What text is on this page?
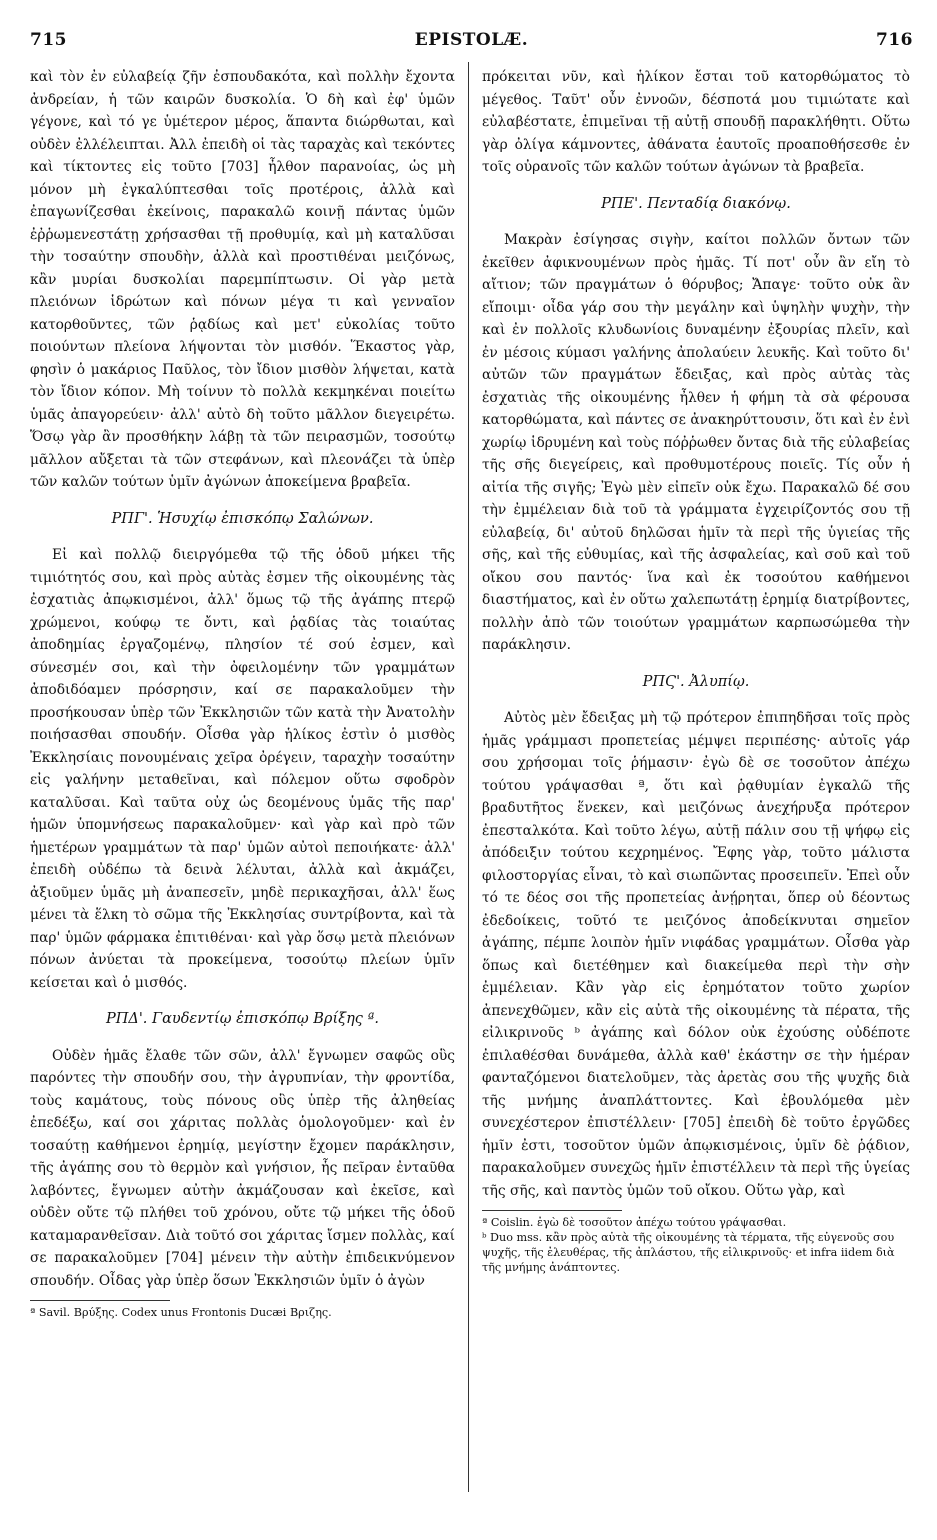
715	EPISTOLÆ.	716

καὶ τὸν ἐν εὐλαβείᾳ ζῆν ἐσπουδακότα, καὶ πολλὴν ἔχοντα ἀνδρείαν, ἡ τῶν καιρῶν δυσκολία. Ὁ δὴ καὶ ἐφ' ὑμῶν γέγονε, καὶ τό γε ὑμέτερον μέρος, ἅπαντα διώρθωται, καὶ οὐδὲν ἐλλέλειπται. Ἀλλ ἐπειδὴ οἱ τὰς ταραχὰς καὶ τεκόντες καὶ τίκτοντες εἰς τοῦτο [703] ἦλθον παρανοίας, ὡς μὴ μόνον μὴ ἐγκαλύπτεσθαι τοῖς προτέροις, ἀλλὰ καὶ ἐπαγωνίζεσθαι ἐκείνοις, παρακαλῶ κοινῇ πάντας ὑμῶν ἐῤῥωμενεστάτῃ χρήσασθαι τῇ προθυμίᾳ, καὶ μὴ καταλῦσαι τὴν τοσαύτην σπουδὴν, ἀλλὰ καὶ προστιθέναι μειζόνως, κἂν μυρίαι δυσκολίαι παρεμπίπτωσιν. Οἱ γὰρ μετὰ πλειόνων ἱδρώτων καὶ πόνων μέγα τι καὶ γενναῖον κατορθοῦντες, τῶν ῥᾳδίως καὶ μετ' εὐκολίας τοῦτο ποιούντων πλείονα λήψονται τὸν μισθόν. Ἕκαστος γὰρ, φησὶν ὁ μακάριος Παῦλος, τὸν ἴδιον μισθὸν λήψεται, κατὰ τὸν ἴδιον κόπον. Μὴ τοίνυν τὸ πολλὰ κεκμηκέναι ποιείτω ὑμᾶς ἀπαγορεύειν· ἀλλ' αὐτὸ δὴ τοῦτο μᾶλλον διεγειρέτω. Ὅσῳ γὰρ ἂν προσθήκην λάβῃ τὰ τῶν πειρασμῶν, τοσούτῳ μᾶλλον αὔξεται τὰ τῶν στεφάνων, καὶ πλεονάζει τὰ ὑπὲρ τῶν καλῶν τούτων ὑμῖν ἀγώνων ἀποκείμενα βραβεῖα.

ΡΠΓ'. Ἡσυχίῳ ἐπισκόπῳ Σαλώνων.

Εἰ καὶ πολλῷ διειργόμεθα τῷ τῆς ὁδοῦ μήκει τῆς τιμιότητός σου, καὶ πρὸς αὐτὰς ἐσμεν τῆς οἰκουμένης τὰς ἐσχατιὰς ἀπῳκισμένοι, ἀλλ' ὅμως τῷ τῆς ἀγάπης πτερῷ χρώμενοι, κούφῳ τε ὄντι, καὶ ῥᾳδίας τὰς τοιαύτας ἀποδημίας ἐργαζομένῳ, πλησίον τέ σού ἐσμεν, καὶ σύνεσμέν σοι, καὶ τὴν ὀφειλομένην τῶν γραμμάτων ἀποδιδόαμεν πρόσρησιν, καί σε παρακαλοῦμεν τὴν προσήκουσαν ὑπὲρ τῶν Ἐκκλησιῶν τῶν κατὰ τὴν Ἀνατολὴν ποιήσασθαι σπουδήν. Οἶσθα γὰρ ἡλίκος ἐστὶν ὁ μισθὸς Ἐκκλησίαις πονουμέναις χεῖρα ὀρέγειν, ταραχὴν τοσαύτην εἰς γαλήνην μεταθεῖναι, καὶ πόλεμον οὕτω σφοδρὸν καταλῦσαι. Καὶ ταῦτα οὐχ ὡς δεομένους ὑμᾶς τῆς παρ' ἡμῶν ὑπομνήσεως παρακαλοῦμεν· καὶ γὰρ καὶ πρὸ τῶν ἡμετέρων γραμμάτων τὰ παρ' ὑμῶν αὐτοὶ πεποιήκατε· ἀλλ' ἐπειδὴ οὐδέπω τὰ δεινὰ λέλυται, ἀλλὰ καὶ ἀκμάζει, ἀξιοῦμεν ὑμᾶς μὴ ἀναπεσεῖν, μηδὲ περικαχῆσαι, ἀλλ' ἕως μένει τὰ ἕλκη τὸ σῶμα τῆς Ἐκκλησίας συντρίβοντα, καὶ τὰ παρ' ὑμῶν φάρμακα ἐπιτιθέναι· καὶ γὰρ ὅσῳ μετὰ πλειόνων πόνων ἀνύεται τὰ προκείμενα, τοσούτῳ πλείων ὑμῖν κείσεται καὶ ὁ μισθός.

ΡΠΔ'. Γαυδεντίῳ ἐπισκόπῳ Βρίξης ª.

Οὐδὲν ἡμᾶς ἔλαθε τῶν σῶν, ἀλλ' ἔγνωμεν σαφῶς οὓς παρόντες τὴν σπουδήν σου, τὴν ἀγρυπνίαν, τὴν φροντίδα, τοὺς καμάτους, τοὺς πόνους οὓς ὑπὲρ τῆς ἀληθείας ἐπεδέξω, καί σοι χάριτας πολλὰς ὁμολογοῦμεν· καὶ ἐν τοσαύτῃ καθήμενοι ἐρημίᾳ, μεγίστην ἔχομεν παράκλησιν, τῆς ἀγάπης σου τὸ θερμὸν καὶ γνήσιον, ἧς πεῖραν ἐνταῦθα λαβόντες, ἔγνωμεν αὐτὴν ἀκμάζουσαν καὶ ἐκεῖσε, καὶ οὐδὲν οὔτε τῷ πλήθει τοῦ χρόνου, οὔτε τῷ μήκει τῆς ὁδοῦ καταμαρανθεῖσαν. Διὰ τοῦτό σοι χάριτας ἴσμεν πολλὰς, καί σε παρακαλοῦμεν [704] μένειν τὴν αὐτὴν ἐπιδεικνύμενον σπουδήν. Οἶδας γὰρ ὑπὲρ ὅσων Ἐκκλησιῶν ὑμῖν ὁ ἀγὼν

ª Savil. Βρύξης. Codex unus Frontonis Ducæi Βριζης.

πρόκειται νῦν, καὶ ἡλίκον ἔσται τοῦ κατορθώματος τὸ μέγεθος. Ταῦτ' οὖν ἐννοῶν, δέσποτά μου τιμιώτατε καὶ εὐλαβέστατε, ἐπιμεῖναι τῇ αὐτῇ σπουδῇ παρακλήθητι. Οὕτω γὰρ ὀλίγα κάμνοντες, ἀθάνατα ἑαυτοῖς προαποθήσεσθε ἐν τοῖς οὐρανοῖς τῶν καλῶν τούτων ἀγώνων τὰ βραβεῖα.

ΡΠΕ'. Πενταδίᾳ διακόνῳ.

Μακρὰν ἐσίγησας σιγὴν, καίτοι πολλῶν ὄντων τῶν ἐκεῖθεν ἀφικνουμένων πρὸς ἡμᾶς. Τί ποτ' οὖν ἂν εἴη τὸ αἴτιον; τῶν πραγμάτων ὁ θόρυβος; Ἄπαγε· τοῦτο οὐκ ἂν εἴποιμι· οἶδα γάρ σου τὴν μεγάλην καὶ ὑψηλὴν ψυχὴν, τὴν καὶ ἐν πολλοῖς κλυδωνίοις δυναμένην ἐξουρίας πλεῖν, καὶ ἐν μέσοις κύμασι γαλήνης ἀπολαύειν λευκῆς. Καὶ τοῦτο δι' αὐτῶν τῶν πραγμάτων ἔδειξας, καὶ πρὸς αὐτὰς τὰς ἐσχατιὰς τῆς οἰκουμένης ἦλθεν ἡ φήμη τὰ σὰ φέρουσα κατορθώματα, καὶ πάντες σε ἀνακηρύττουσιν, ὅτι καὶ ἐν ἑνὶ χωρίῳ ἱδρυμένη καὶ τοὺς πόῤῥωθεν ὄντας διὰ τῆς εὐλαβείας τῆς σῆς διεγείρεις, καὶ προθυμοτέρους ποιεῖς. Τίς οὖν ἡ αἰτία τῆς σιγῆς; Ἐγὼ μὲν εἰπεῖν οὐκ ἔχω. Παρακαλῶ δέ σου τὴν ἐμμέλειαν διὰ τοῦ τὰ γράμματα ἐγχειρίζοντός σου τῇ εὐλαβείᾳ, δι' αὐτοῦ δηλῶσαι ἡμῖν τὰ περὶ τῆς ὑγιείας τῆς σῆς, καὶ τῆς εὐθυμίας, καὶ τῆς ἀσφαλείας, καὶ σοῦ καὶ τοῦ οἴκου σου παντός· ἵνα καὶ ἐκ τοσούτου καθήμενοι διαστήματος, καὶ ἐν οὕτω χαλεπωτάτῃ ἐρημίᾳ διατρίβοντες, πολλὴν ἀπὸ τῶν τοιούτων γραμμάτων καρπωσώμεθα τὴν παράκλησιν.

ΡΠϚ'. Ἀλυπίῳ.

Αὐτὸς μὲν ἔδειξας μὴ τῷ πρότερον ἐπιπηδῆσαι τοῖς πρὸς ἡμᾶς γράμμασι προπετείας μέμψει περιπέσης· αὐτοῖς γάρ σου χρήσομαι τοῖς ῥήμασιν· ἐγὼ δὲ σε τοσοῦτον ἀπέχω τούτου γράψασθαι ª, ὅτι καὶ ῥᾳθυμίαν ἐγκαλῶ τῆς βραδυτῆτος ἕνεκεν, καὶ μειζόνως ἀνεχήρυξα πρότερον ἐπεσταλκότα. Καὶ τοῦτο λέγω, αὐτῇ πάλιν σου τῇ ψήφῳ εἰς ἀπόδειξιν τούτου κεχρημένος. Ἔφης γὰρ, τοῦτο μάλιστα φιλοστοργίας εἶναι, τὸ καὶ σιωπῶντας προσειπεῖν. Ἐπεὶ οὖν τό τε δέος σοι τῆς προπετείας ἀνῄρηται, ὅπερ οὐ δέοντως ἐδεδοίκεις, τοῦτό τε μειζόνος ἀποδείκνυται σημεῖον ἀγάπης, πέμπε λοιπὸν ἡμῖν νιφάδας γραμμάτων. Οἶσθα γὰρ ὅπως καὶ διετέθημεν καὶ διακείμεθα περὶ τὴν σὴν ἐμμέλειαν. Κἂν γὰρ εἰς ἐρημότατον τοῦτο χωρίον ἀπενεχθῶμεν, κἂν εἰς αὐτὰ τῆς οἰκουμένης τὰ πέρατα, τῆς εἰλικρινοῦς ᵇ ἀγάπης καὶ δόλον οὐκ ἐχούσης οὐδέποτε ἐπιλαθέσθαι δυνάμεθα, ἀλλὰ καθ' ἑκάστην σε τὴν ἡμέραν φανταζόμενοι διατελοῦμεν, τὰς ἀρετὰς σου τῆς ψυχῆς διὰ τῆς μνήμης ἀναπλάττοντες. Καὶ ἐβουλόμεθα μὲν συνεχέστερον ἐπιστέλλειν· [705] ἐπειδὴ δὲ τοῦτο ἐργῶδες ἡμῖν ἐστι, τοσοῦτον ὑμῶν ἀπῳκισμένοις, ὑμῖν δὲ ῥᾴδιον, παρακαλοῦμεν συνεχῶς ἡμῖν ἐπιστέλλειν τὰ περὶ τῆς ὑγείας τῆς σῆς, καὶ παντὸς ὑμῶν τοῦ οἴκου. Οὕτω γὰρ, καὶ

ª Coislin. ἐγὼ δὲ τοσοῦτον ἀπέχω τούτου γράψασθαι.
ᵇ Duo mss. κἂν πρὸς αὐτὰ τῆς οἰκουμένης τὰ τέρματα, τῆς εὐγενοῦς σου ψυχῆς, τῆς ἐλευθέρας, τῆς ἀπλάστου, τῆς εἰλικρινοῦς· et infra iidem διὰ τῆς μνήμης ἀνάπτοντες.
